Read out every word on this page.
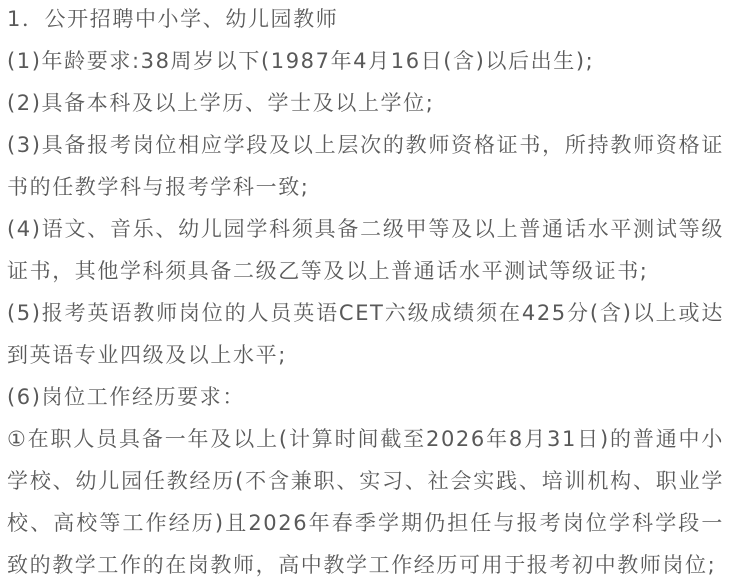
1．公开招聘中小学、幼儿园教师

(1)年龄要求:38周岁以下(1987年4月16日(含)以后出生);

(2)具备本科及以上学历、学士及以上学位;

(3)具备报考岗位相应学段及以上层次的教师资格证书，所持教师资格证书的任教学科与报考学科一致;

(4)语文、音乐、幼儿园学科须具备二级甲等及以上普通话水平测试等级证书，其他学科须具备二级乙等及以上普通话水平测试等级证书;

(5)报考英语教师岗位的人员英语CET六级成绩须在425分(含)以上或达到英语专业四级及以上水平;

(6)岗位工作经历要求：

①在职人员具备一年及以上(计算时间截至2026年8月31日)的普通中小学校、幼儿园任教经历(不含兼职、实习、社会实践、培训机构、职业学校、高校等工作经历)且2026年春季学期仍担任与报考岗位学科学段一致的教学工作的在岗教师，高中教学工作经历可用于报考初中教师岗位;
